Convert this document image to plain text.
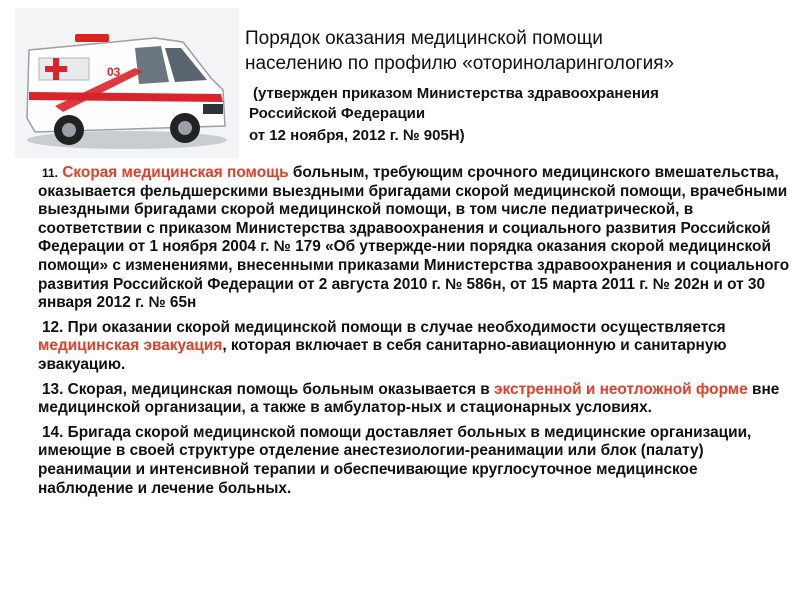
03
Порядок оказания медицинской помощи
населению по профилю «оториноларингология»
(утвержден приказом Министерства здравоохранения
Российской Федерации
от 12 ноября, 2012 г. № 905Н)
11. Скорая медицинская помощь больным, требующим срочного медицинского вмешательства, оказывается фельдшерскими выездными бригадами скорой медицинской помощи, врачебными выездными бригадами скорой медицинской помощи, в том числе педиатрической, в соответствии с приказом Министерства здравоохранения и социального развития Российской Федерации от 1 ноября 2004 г. № 179 «Об утвержде-нии порядка оказания скорой медицинской помощи» с изменениями, внесенными приказами Министерства здравоохранения и социального развития Российской Федерации от 2 августа 2010 г. № 586н, от 15 марта 2011 г. № 202н и от 30 января 2012 г. № 65н
12. При оказании скорой медицинской помощи в случае необходимости осуществляется медицинская эвакуация, которая включает в себя санитарно-авиационную и санитарную эвакуацию.
13. Скорая, медицинская помощь больным оказывается в экстренной и неотложной форме вне медицинской организации, а также в амбулатор-ных и стационарных условиях.
14. Бригада скорой медицинской помощи доставляет больных в медицинские организации, имеющие в своей структуре отделение анестезиологии-реанимации или блок (палату) реанимации и интенсивной терапии и обеспечивающие круглосуточное медицинское наблюдение и лечение больных.
